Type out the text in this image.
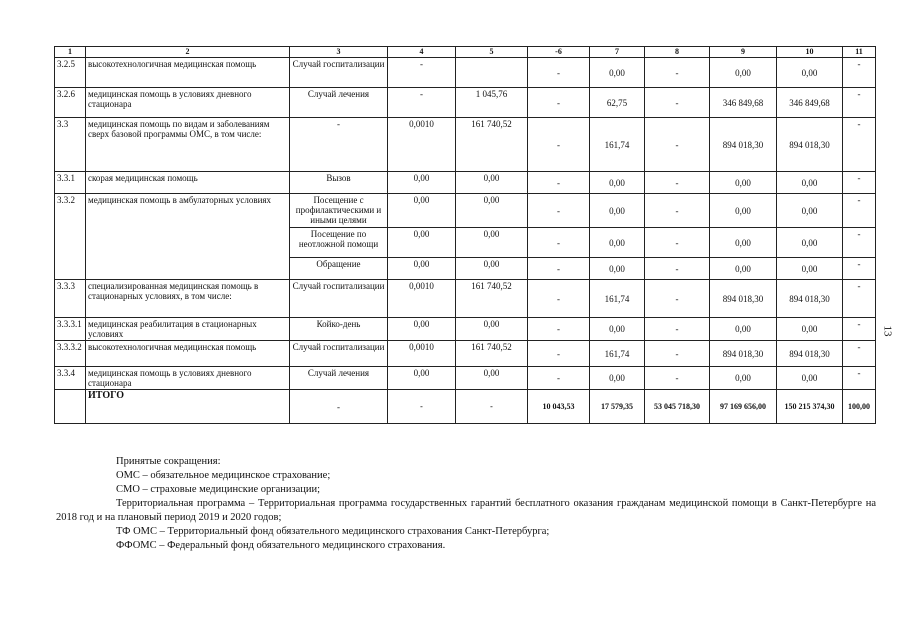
1	2	3	4	5	-6	7	8	9	10	11
3.2.5	высокотехнологичная медицинская помощь	Случай госпитализации	-		-	0,00	-	0,00	0,00	-
3.2.6	медицинская помощь в условиях дневного стационара	Случай лечения	-	1 045,76	-	62,75	-	346 849,68	346 849,68	-
3.3	медицинская помощь по видам и заболеваниям сверх базовой программы ОМС, в том числе:	-	0,0010	161 740,52	-	161,74	-	894 018,30	894 018,30	-
3.3.1	скорая медицинская помощь	Вызов	0,00	0,00	-	0,00	-	0,00	0,00	-
3.3.2	медицинская помощь в амбулаторных условиях	Посещение с профилактическими и иными целями	0,00	0,00	-	0,00	-	0,00	0,00	-
		Посещение по неотложной помощи	0,00	0,00	-	0,00	-	0,00	0,00	-
		Обращение	0,00	0,00	-	0,00	-	0,00	0,00	-
3.3.3	специализированная медицинская помощь в стационарных условиях, в том числе:	Случай госпитализации	0,0010	161 740,52	-	161,74	-	894 018,30	894 018,30	-
3.3.3.1	медицинская реабилитация в стационарных условиях	Койко-день	0,00	0,00	-	0,00	-	0,00	0,00	-
3.3.3.2	высокотехнологичная медицинская помощь	Случай госпитализации	0,0010	161 740,52	-	161,74	-	894 018,30	894 018,30	-
3.3.4	медицинская помощь в условиях дневного стационара	Случай лечения	0,00	0,00	-	0,00	-	0,00	0,00	-
	ИТОГО	-	-	-	10 043,53	17 579,35	53 045 718,30	97 169 656,00	150 215 374,30	100,00

Принятые сокращения:

ОМС – обязательное медицинское страхование;

СМО – страховые медицинские организации;

Территориальная программа – Территориальная программа государственных гарантий бесплатного оказания гражданам медицинской помощи в Санкт-Петербурге на 2018 год и на плановый период 2019 и 2020 годов;

ТФ ОМС – Территориальный фонд обязательного медицинского страхования Санкт-Петербурга;

ФФОМС – Федеральный фонд обязательного медицинского страхования.

13
